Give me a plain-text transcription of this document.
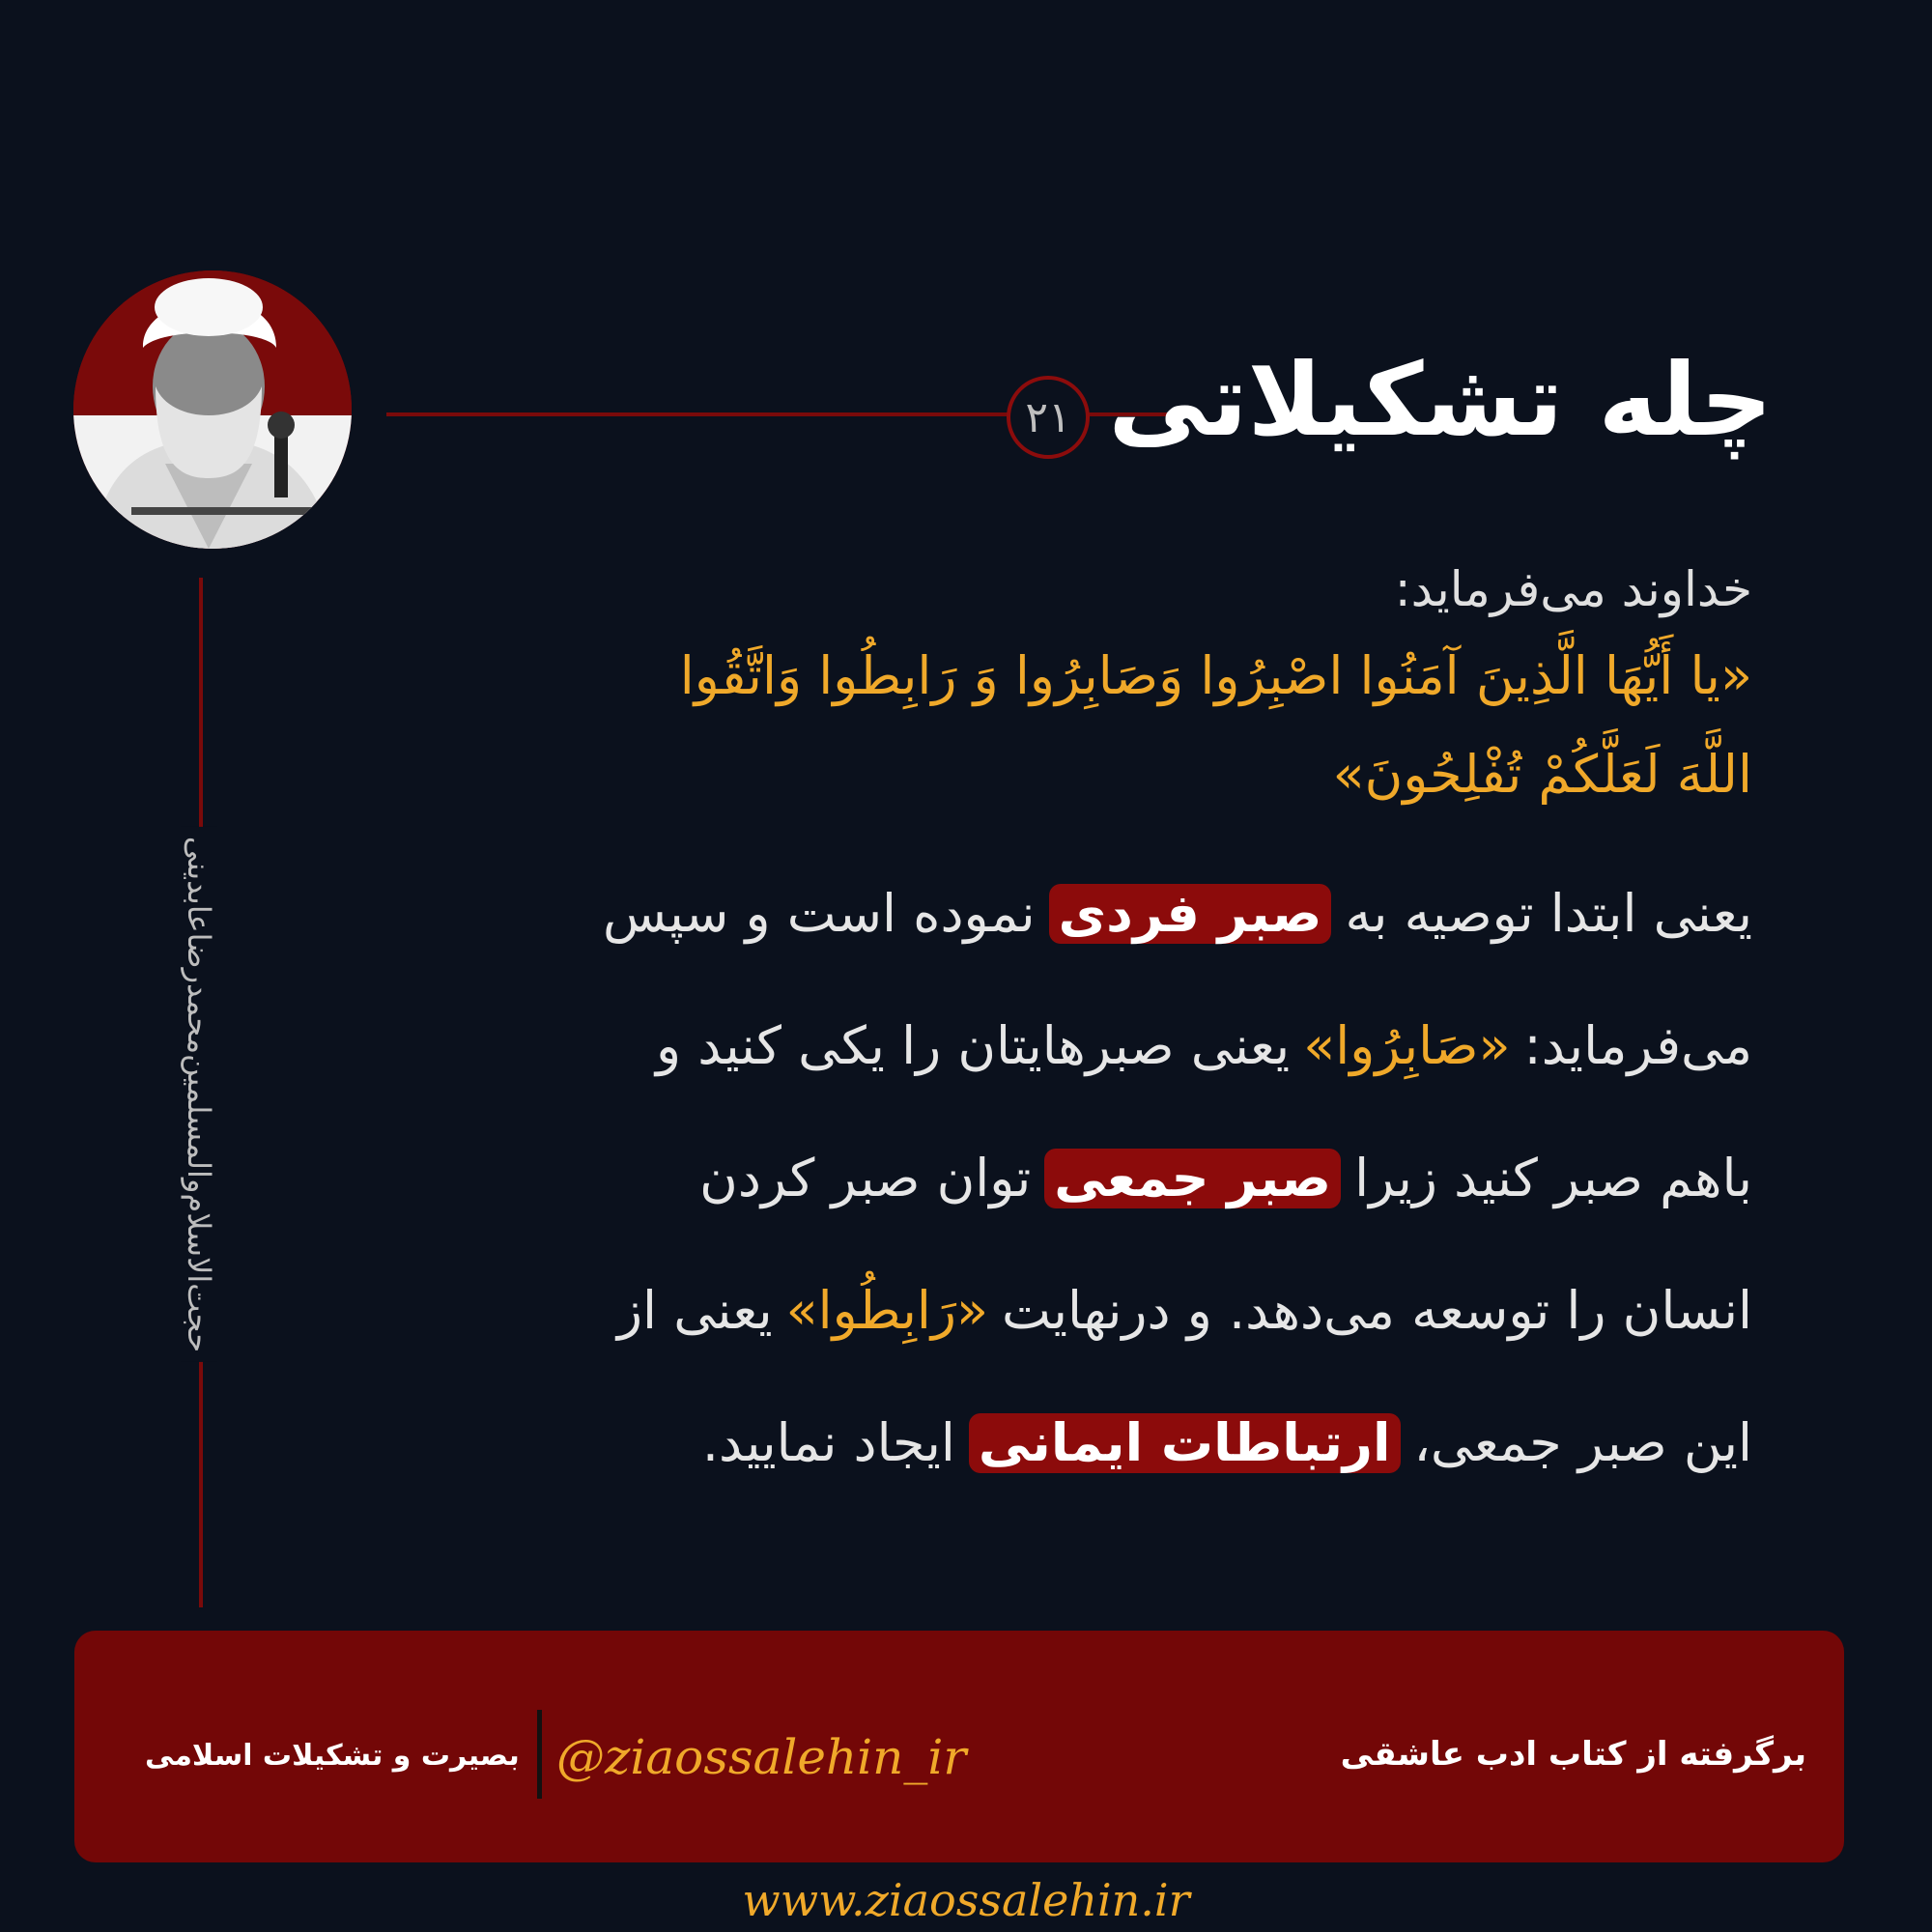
۲۱ چله تشکیلاتی
حجت‌الاسلام‌والمسلمین‌محمدرضاعابدینی
خداوند می‌فرماید:
«یا أَیُّهَا الَّذِینَ آمَنُوا اصْبِرُوا وَصَابِرُوا وَ رَابِطُوا وَاتَّقُوا
اللَّهَ لَعَلَّکُمْ تُفْلِحُونَ»
یعنی ابتدا توصیه به
صبر فردی
نموده است و سپس
می‌فرماید:
«صَابِرُوا»
یعنی صبرهایتان را یکی کنید و
باهم صبر کنید زیرا
صبر جمعی
توان صبر کردن
انسان را توسعه می‌دهد. و درنهایت
«رَابِطُوا»
یعنی از
این صبر جمعی،
ارتباطات ایمانی
ایجاد نمایید.
برگرفته از کتاب ادب عاشقی
@ziaossalehin_ir
بصیرت و تشکیلات اسلامی
www.ziaossalehin.ir
